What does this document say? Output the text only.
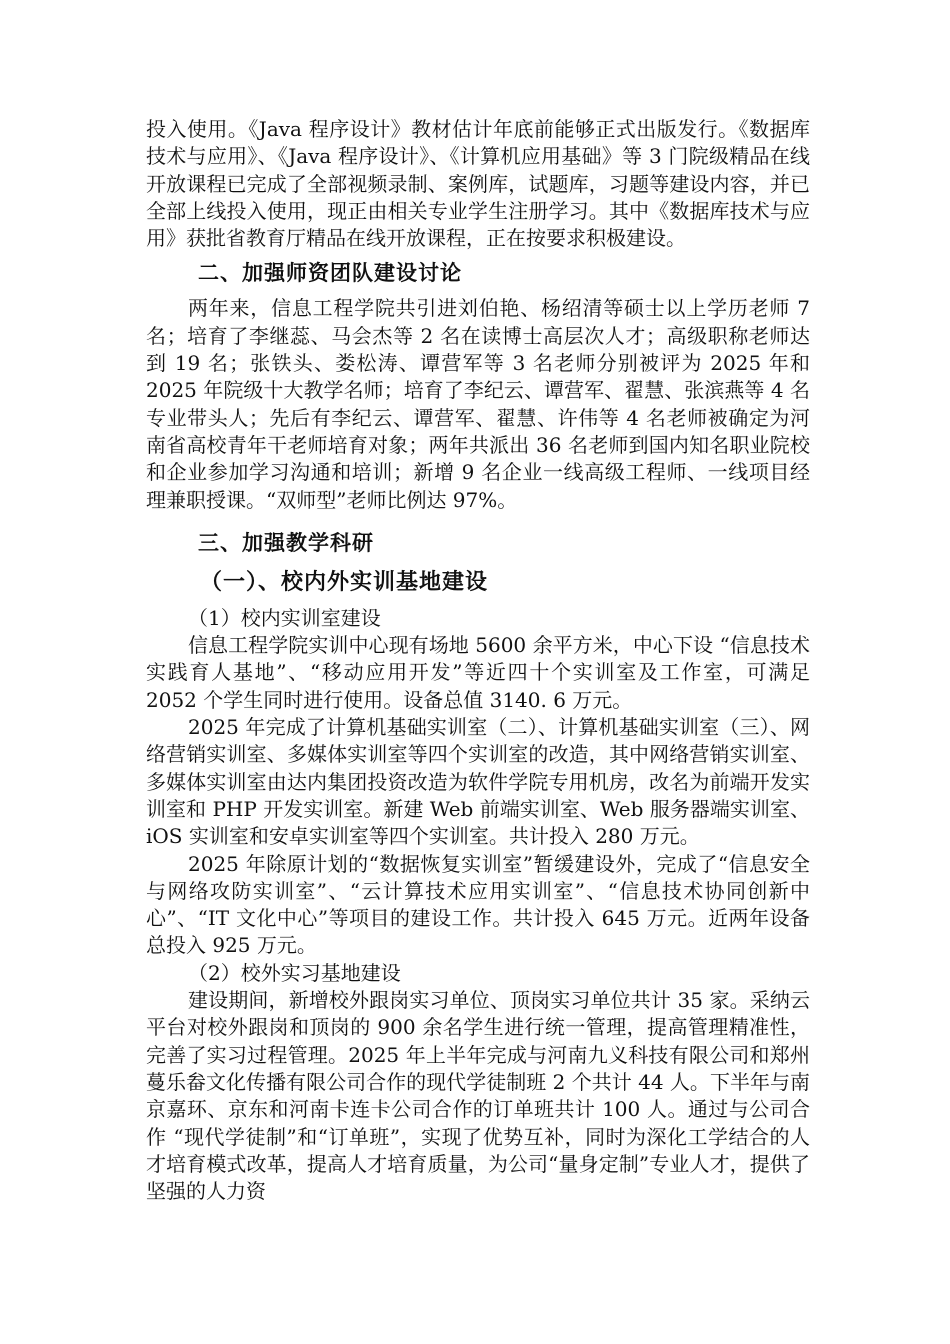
投入使用。《Java 程序设计》教材估计年底前能够正式出版发行。《数据库技术与应用》、《Java 程序设计》、《计算机应用基础》等 3 门院级精品在线开放课程已完成了全部视频录制、案例库，试题库，习题等建设内容，并已全部上线投入使用，现正由相关专业学生注册学习。其中《数据库技术与应用》获批省教育厅精品在线开放课程，正在按要求积极建设。

二、加强师资团队建设讨论

两年来，信息工程学院共引进刘伯艳、杨绍清等硕士以上学历老师 7 名；培育了李继蕊、马会杰等 2 名在读博士高层次人才；高级职称老师达到 19 名；张铁头、娄松涛、谭营军等 3 名老师分别被评为 2025 年和 2025 年院级十大教学名师；培育了李纪云、谭营军、翟慧、张滨燕等 4 名专业带头人；先后有李纪云、谭营军、翟慧、许伟等 4 名老师被确定为河南省高校青年干老师培育对象；两年共派出 36 名老师到国内知名职业院校和企业参加学习沟通和培训；新增 9 名企业一线高级工程师、一线项目经理兼职授课。“双师型”老师比例达 97%。

三、加强教学科研
（一）、校内外实训基地建设

（1）校内实训室建设

信息工程学院实训中心现有场地 5600 余平方米，中心下设 “信息技术实践育人基地”、“移动应用开发”等近四十个实训室及工作室，可满足 2052 个学生同时进行使用。设备总值 3140. 6 万元。

2025 年完成了计算机基础实训室（二）、计算机基础实训室（三）、网络营销实训室、多媒体实训室等四个实训室的改造，其中网络营销实训室、多媒体实训室由达内集团投资改造为软件学院专用机房，改名为前端开发实训室和 PHP 开发实训室。新建 Web 前端实训室、Web 服务器端实训室、iOS 实训室和安卓实训室等四个实训室。共计投入 280 万元。

2025 年除原计划的“数据恢复实训室”暂缓建设外，完成了“信息安全与网络攻防实训室”、“云计算技术应用实训室”、“信息技术协同创新中心”、“IT 文化中心”等项目的建设工作。共计投入 645 万元。近两年设备总投入 925 万元。

（2）校外实习基地建设

建设期间，新增校外跟岗实习单位、顶岗实习单位共计 35 家。采纳云平台对校外跟岗和顶岗的 900 余名学生进行统一管理，提高管理精准性，完善了实习过程管理。2025 年上半年完成与河南九义科技有限公司和郑州蔓乐畚文化传播有限公司合作的现代学徒制班 2 个共计 44 人。下半年与南京嘉环、京东和河南卡连卡公司合作的订单班共计 100 人。通过与公司合作 “现代学徒制”和“订单班”，实现了优势互补，同时为深化工学结合的人才培育模式改革，提高人才培育质量，为公司“量身定制”专业人才，提供了坚强的人力资
